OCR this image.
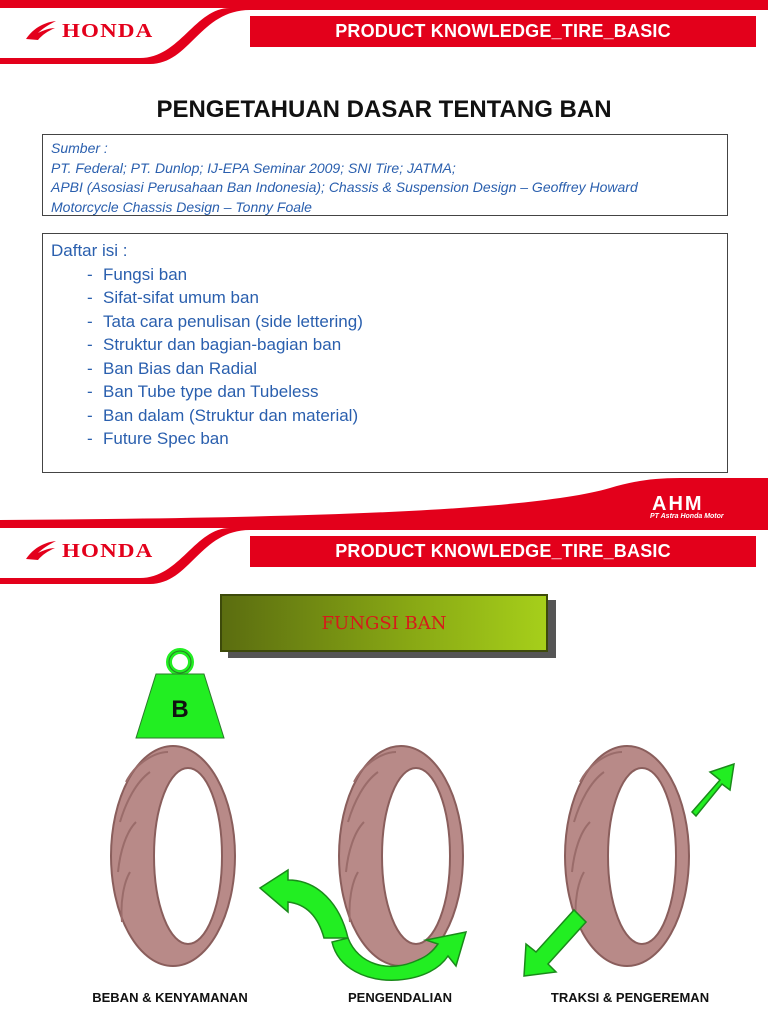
HONDA	PRODUCT KNOWLEDGE_TIRE_BASIC
PENGETAHUAN DASAR TENTANG BAN
Sumber :
PT. Federal; PT. Dunlop; IJ-EPA Seminar 2009; SNI Tire; JATMA;
APBI (Asosiasi Perusahaan Ban Indonesia); Chassis & Suspension Design – Geoffrey Howard
Motorcycle Chassis Design – Tonny Foale
Daftar isi :
- Fungsi ban
- Sifat-sifat umum ban
- Tata cara penulisan (side lettering)
- Struktur dan bagian-bagian ban
- Ban Bias dan Radial
- Ban Tube type dan Tubeless
- Ban dalam (Struktur dan material)
- Future Spec ban
AHM
PT Astra Honda Motor
HONDA	PRODUCT KNOWLEDGE_TIRE_BASIC
FUNGSI BAN
B
BEBAN & KENYAMANAN	PENGENDALIAN	TRAKSI & PENGEREMAN
